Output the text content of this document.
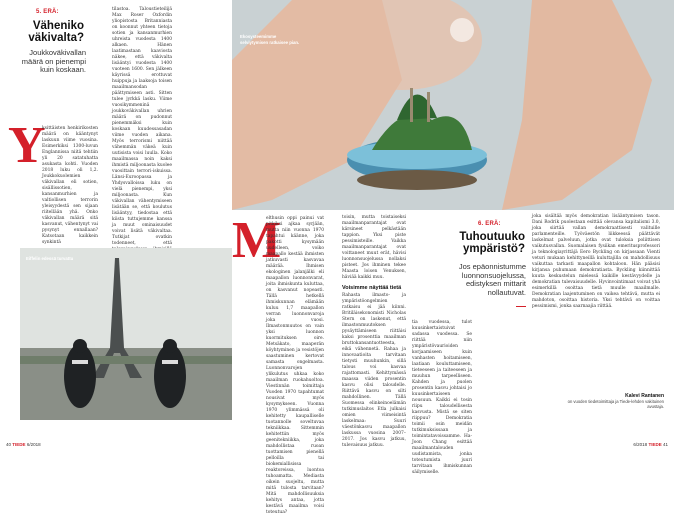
5. ERÄ:
Väheniko väkivalta?
Joukkoväkivallan määrä on pienempi kuin koskaan.
Y

ksittäisten henkirikosten määrä on kääntynyt laskuun viime vuosina. Esimerkiksi 1300-luvun Englannissa niitä tehtiin yli 20 satatuhatta asukasta kohti. Vuoden 2018 luku oli 1,2. Joukkokuolemien väkivallan eli sotien, sisällissotien, kansanmurhien ja valtiollisen terrorin yleisyydestä sen sijaan riitellään yhä. Onko väkivallan määrä sitä kasvanut, vähentynyt vai pysynyt ennallaan? Katsotaan kaikkein synkintä

tilastoa. Taloustieteilijä Max Roser Oxfordin yliopistosta Britanniasta on koonnut yhteen tietoja sotien ja kansanmurhien uhreista vuodesta 1400 alkaen. Hänen laatimastaan kaaviosta näkee, että väkivalta lisääntyi vuodesta 1400 vuoteen 1600. Sen jälkeen käyrissä erottuvat huippuja ja laaksoja toisen maailmansodan päättymiseen asti. Sitten tulee jyrkkä lasku. Viime vuosikymmeninä joukkoväkivallan uhrien määrä on pudonnut pienemmäksi kuin koskaan kuudessasadan viime vuoden aikana. Myös terrorismi niittää vähemmän väkeä kuin uutisista voisi luulla. Koko maailmassa noin kaksi ihmistä miljoonasta kuolee vuosittain terrori-iskuissa. Länsi-Euroopassa ja Yhdysvalloissa luku on vielä pienempi, yksi miljoonasta. Kun väkivallan vähentymiseen lisätään se, että koulutus lisääntyy, tiedostaa että kiista tuttujemme kanssa ja muut ominaisuudet voivat lisätä väkivaltaa. Tutkijat ovatkin todenneet, että

Ekosysteemimme selviytymisen ratkaisee pian.
Eiffelin edessä turvattu	M

elthusin oppi painui vat pitkiksi ajkaa syrjään, mutta niin vuonna 1970 tapahtui käänne, joka pakotti kysymään uudelleen, voiko maapallo kestää ihmisten jatkuvasti kasvavaa määrää. Ihmisen ekologinen jalanjälki eli maapallon luonnonvarat, joita ihmiskunta kuluttaa, on kasvanut nopeasti. Tällä hetkellä ihmiskunnan elämään kuluu 1,7 maapallon verran luonnonvaroja joka vuosi. Ilmastonmuutos on vain yksi luonnon kuormituksen oire. Metsäkato, maaperän köyhtyminen ja vesistöjen saastuminen kertovat samasta ongelmasta. Luonnonvarojen ylikulutus uhkaa koko maailman ruokahuoltoa. Viestinnän toimittaja Vuoden 1970 tapahtumat nousivat myös kysymykseen. Vuonna 1970 ylimmässä oli kehitetty kaupalliselle tuotannolle soveltuvaa tekniikkaa. Sittemmin kehitettiin myös geenitekniikka, joka mahdollistaa ruoan tuottamisen pienellä pelloilla tai biokemiallisissa reaktoreissa, luontoa tuhoamatta. Mediasta oikein suojeltu, mutta mitä tulosta tarvitaan? Mitä mahdollisuuksia kehitys antaa, jotta kestävä maailma voisi toteutua?

40 TIEDE 6/2018

toisin, mutta toistaiseksi maailmanparantajat ovat kärsineet pelkästään tappion. Yksi piste pessimisteille. Vaikka maailmanparantajat ovat voittaneet muut erät, hävisi luonnonsuojelussa nollaksi pisteet. Jos ihminen tekee Maasta loisen Venuksen, häviää kaikki muu.

Voisimme näyttää tietä

Rahasta ilmasto- ja ympäristöongelmien ratkaisu ei jää kiinni. Britiläisekonomisti Nicholas Stern on laskenut, että ilmastonmuutoksen pysäyttämiseen riittäisi kaksi prosenttia maailman bruttokansantuotteesta, eikä vähennetä. Rahaa ja innovaatioita tarvitaan tietysti muuhunkin, sillä talous voi kasvaa rajattomasti. Kehittymässä maassa viiden prosentin kasvu olisi taloudelle. Riittävä kasvu on silti mahdollinen. Tällä Suomessa elinkeinoelämän tutkimuslaitos Etla julkaisi omien viimeisintä laskelmaa: Suuri väestönkasvu maapallon laskussa vuosina 2007–2017. Jos kasvu jatkuu, tulevaisuus jatkuu.

6. ERÄ:
Tuhoutuuko ympäristö?
Jos epäonnistumme luonnonsuojelussa, edistyksen mittarit nollautuvat.

tia vuodessa, tulot kuusinkertaistuivat sadassa vuodessa. Se riittää niin ympäristövaurioiden korjaamiseen kuin vanhasten hoitamiseen, laatiaan kouluttamiseen, tieteeseen ja taiteeseen ja muuhun tarpeelliseen. Kahden ja puolen prosentin kasvu johtaisi jo kuusinkertaiseen nousuun. Kaikki ei tosin riipu taloudellisesta kasvusta. Mistä se siten riippuu? Demokratia toimii osin meidän tutkimuksissaan ja toimintatavoissamme. Ha-Joon Chang esittää maailmantalouden uudistamista, jonka toteutumista juuri tarvitaan ihmiskunnan säilymiselle.

joka sisältää myös demokratian lisääntymisen tason. Dani Rodrik puolestaan esittää olevansa kapitalismi 3.0, joka siirtää vallan demokraattisesti valituille parlamenteille. Työväestön liikkeessä päättävät laskelmat palveluun, jotka ovat tuloksia poliittisen vaikutusvallan. Suomalaisen fysiikan emeritusprofessori ja teknologiayrittäjä Eero Byckling on kirjassaan Vienti veturi mukaan kehittyneillä kuluttajilla on mahdollisuus vaikuttaa tarkasti maapallon kohtaloon. Hän pääsisi kirjansa puhumaan demokratiasta. Byckling kiinnittää kuuta keskustelun mielessä kaikille kestävyydelle ja demokratian tulevaisuudelle. Hyvinvointimaat voivat yhä esimerkillä osoittaa tietä muulle maailmalle. Demokratian laajentuminen on vaikea tehtävä, mutta ei mahdoton, osoittaa historia. Yksi tehtävä on voittaa pessimismi, jonka saarnaajia riittää.

Kalevi Rantanen
on vuoden tiedetoimittaja ja Tiede-lehden vakituinen avustaja.
6/2018 TIEDE 41
